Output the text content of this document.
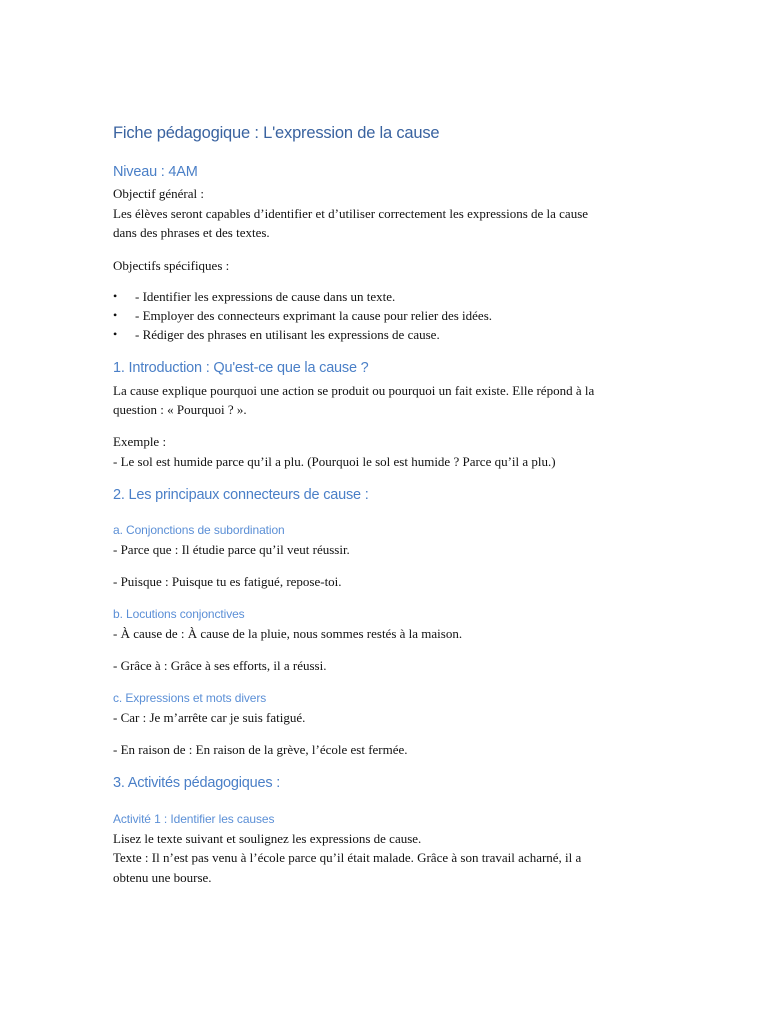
Fiche pédagogique : L'expression de la cause
Niveau : 4AM
Objectif général :
Les élèves seront capables d’identifier et d’utiliser correctement les expressions de la cause
dans des phrases et des textes.
Objectifs spécifiques :
• - Identifier les expressions de cause dans un texte.
• - Employer des connecteurs exprimant la cause pour relier des idées.
• - Rédiger des phrases en utilisant les expressions de cause.
1. Introduction : Qu'est-ce que la cause ?
La cause explique pourquoi une action se produit ou pourquoi un fait existe. Elle répond à la
question : « Pourquoi ? ».
Exemple :
- Le sol est humide parce qu’il a plu. (Pourquoi le sol est humide ? Parce qu’il a plu.)
2. Les principaux connecteurs de cause :
a. Conjonctions de subordination
- Parce que : Il étudie parce qu’il veut réussir.
- Puisque : Puisque tu es fatigué, repose-toi.
b. Locutions conjonctives
- À cause de : À cause de la pluie, nous sommes restés à la maison.
- Grâce à : Grâce à ses efforts, il a réussi.
c. Expressions et mots divers
- Car : Je m’arrête car je suis fatigué.
- En raison de : En raison de la grève, l’école est fermée.
3. Activités pédagogiques :
Activité 1 : Identifier les causes
Lisez le texte suivant et soulignez les expressions de cause.
Texte : Il n’est pas venu à l’école parce qu’il était malade. Grâce à son travail acharné, il a
obtenu une bourse.
